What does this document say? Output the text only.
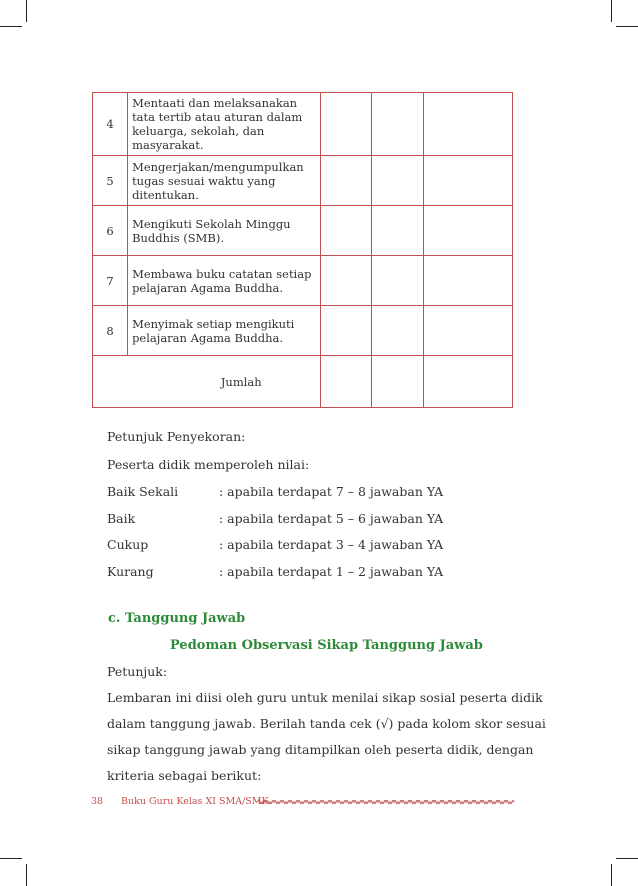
4	Mentaati dan melaksanakan
tata tertib atau aturan dalam
keluarga, sekolah, dan
masyarakat.			

5	Mengerjakan/mengumpulkan
tugas sesuai waktu yang
ditentukan.			

6	Mengikuti Sekolah Minggu
Buddhis (SMB).			

7	Membawa buku catatan setiap
pelajaran Agama Buddha.			

8	Menyimak setiap mengikuti
pelajaran Agama Buddha.			

Jumlah				
Petunjuk Penyekoran:
Peserta didik memperoleh nilai:
Baik Sekali	: apabila terdapat 7 – 8 jawaban YA
Baik	: apabila terdapat 5 – 6 jawaban YA
Cukup	: apabila terdapat 3 – 4 jawaban YA
Kurang	: apabila terdapat 1 – 2 jawaban YA
c. Tanggung Jawab
Pedoman Observasi Sikap Tanggung Jawab
Petunjuk:
Lembaran ini diisi oleh guru untuk menilai sikap sosial peserta didik
dalam tanggung jawab. Berilah tanda cek (√) pada kolom skor sesuai
sikap tanggung jawab yang ditampilkan oleh peserta didik, dengan
kriteria sebagai berikut:
38 Buku Guru Kelas XI SMA/SMK
